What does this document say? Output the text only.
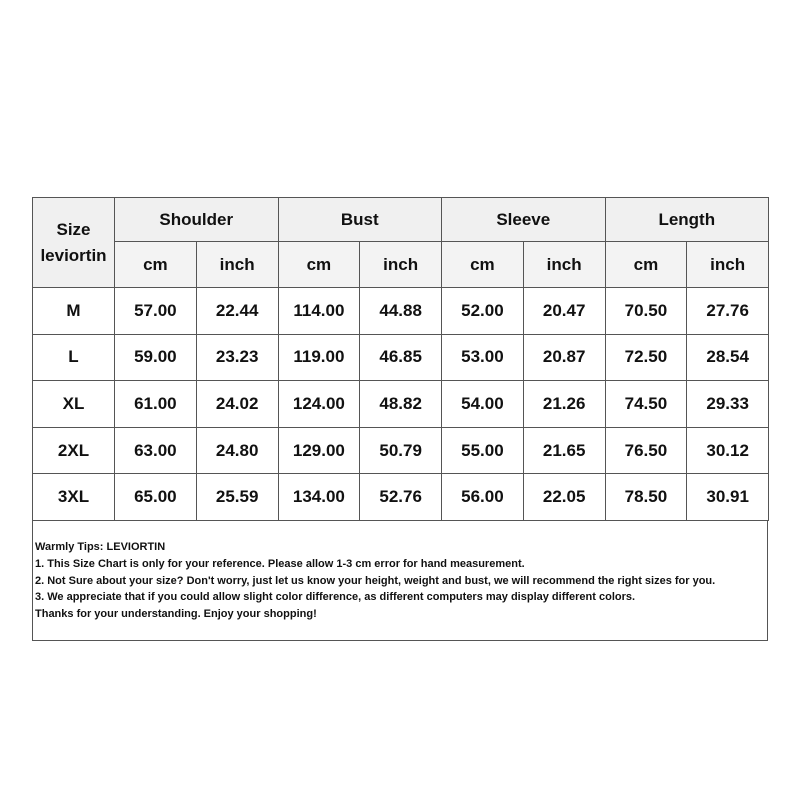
Size
leviortin	Shoulder		Bust		Sleeve		Length	
	cm	inch	cm	inch	cm	inch	cm	inch
M	57.00	22.44	114.00	44.88	52.00	20.47	70.50	27.76
L	59.00	23.23	119.00	46.85	53.00	20.87	72.50	28.54
XL	61.00	24.02	124.00	48.82	54.00	21.26	74.50	29.33
2XL	63.00	24.80	129.00	50.79	55.00	21.65	76.50	30.12
3XL	65.00	25.59	134.00	52.76	56.00	22.05	78.50	30.91
Warmly Tips: LEVIORTIN
1. This Size Chart is only for your reference. Please allow 1-3 cm error for hand measurement.
2. Not Sure about your size? Don't worry, just let us know your height, weight and bust, we will recommend the right sizes for you.
3. We appreciate that if you could allow slight color difference, as different computers may display different colors.
Thanks for your understanding. Enjoy your shopping!
